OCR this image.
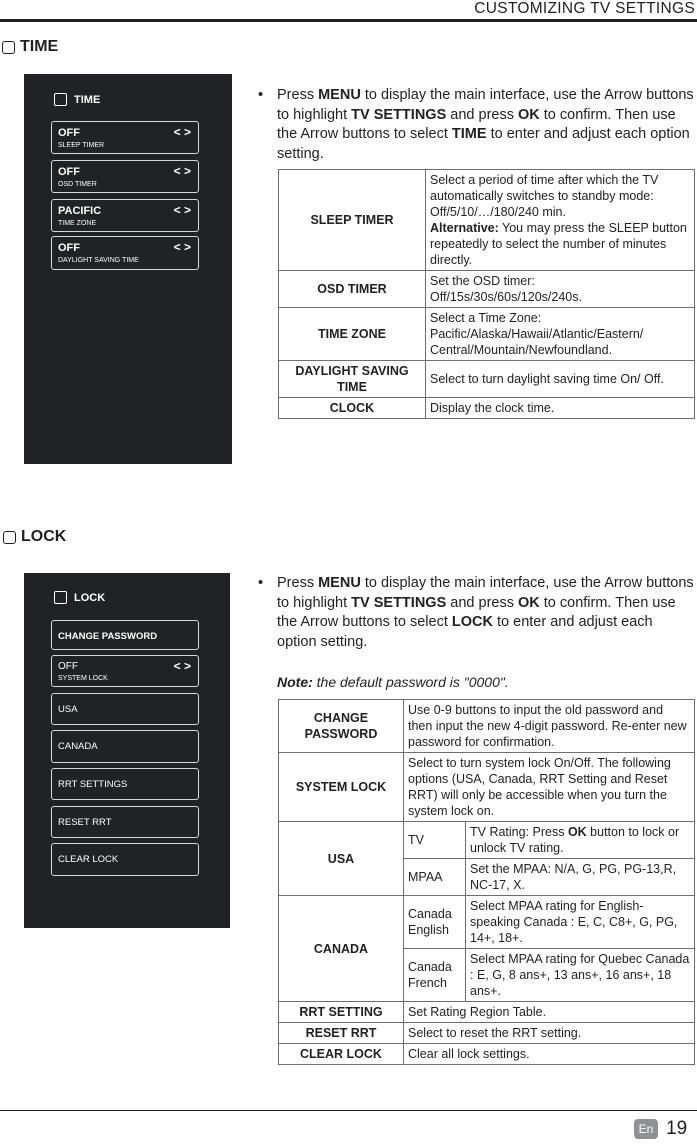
CUSTOMIZING TV SETTINGS
TIME
TIME
OFF
SLEEP TIMER
< >
OFF
OSD TIMER
< >
PACIFIC
TIME ZONE
< >
OFF
DAYLIGHT SAVING TIME
< >
• Press MENU to display the main interface, use the Arrow buttons to highlight TV SETTINGS and press OK to confirm. Then use the Arrow buttons to select TIME to enter and adjust each option setting.
SLEEP TIMER	Select a period of time after which the TV automatically switches to standby mode:
Off/5/10/…/180/240 min.
Alternative: You may press the SLEEP button repeatedly to select the number of minutes directly.

OSD TIMER	Set the OSD timer:
Off/15s/30s/60s/120s/240s.

TIME ZONE	Select a Time Zone:
Pacific/Alaska/Hawaii/Atlantic/Eastern/ Central/Mountain/Newfoundland.

DAYLIGHT SAVING TIME	Select to turn daylight saving time On/ Off.
CLOCK	Display the clock time.
LOCK
LOCK
CHANGE PASSWORD
OFF
SYSTEM LOCK
< >
USA
CANADA
RRT SETTINGS
RESET RRT
CLEAR LOCK
• Press MENU to display the main interface, use the Arrow buttons to highlight TV SETTINGS and press OK to confirm. Then use the Arrow buttons to select LOCK to enter and adjust each option setting.
Note: the default password is "0000".
CHANGE PASSWORD	Use 0-9 buttons to input the old password and then input the new 4-digit password. Re-enter new password for confirmation.	
SYSTEM LOCK	Select to turn system lock On/Off. The following options (USA, Canada, RRT Setting and Reset RRT) will only be accessible when you turn the system lock on.	
USA	TV	TV Rating: Press OK button to lock or unlock TV rating.
	MPAA	Set the MPAA: N/A, G, PG, PG-13,R, NC-17, X.
CANADA	Canada English	Select MPAA rating for English-speaking Canada : E, C, C8+, G, PG, 14+, 18+.
	Canada French	Select MPAA rating for Quebec Canada : E, G, 8 ans+, 13 ans+, 16 ans+, 18 ans+.
RRT SETTING	Set Rating Region Table.	
RESET RRT	Select to reset the RRT setting.	
CLEAR LOCK	Clear all lock settings.	
En 19
